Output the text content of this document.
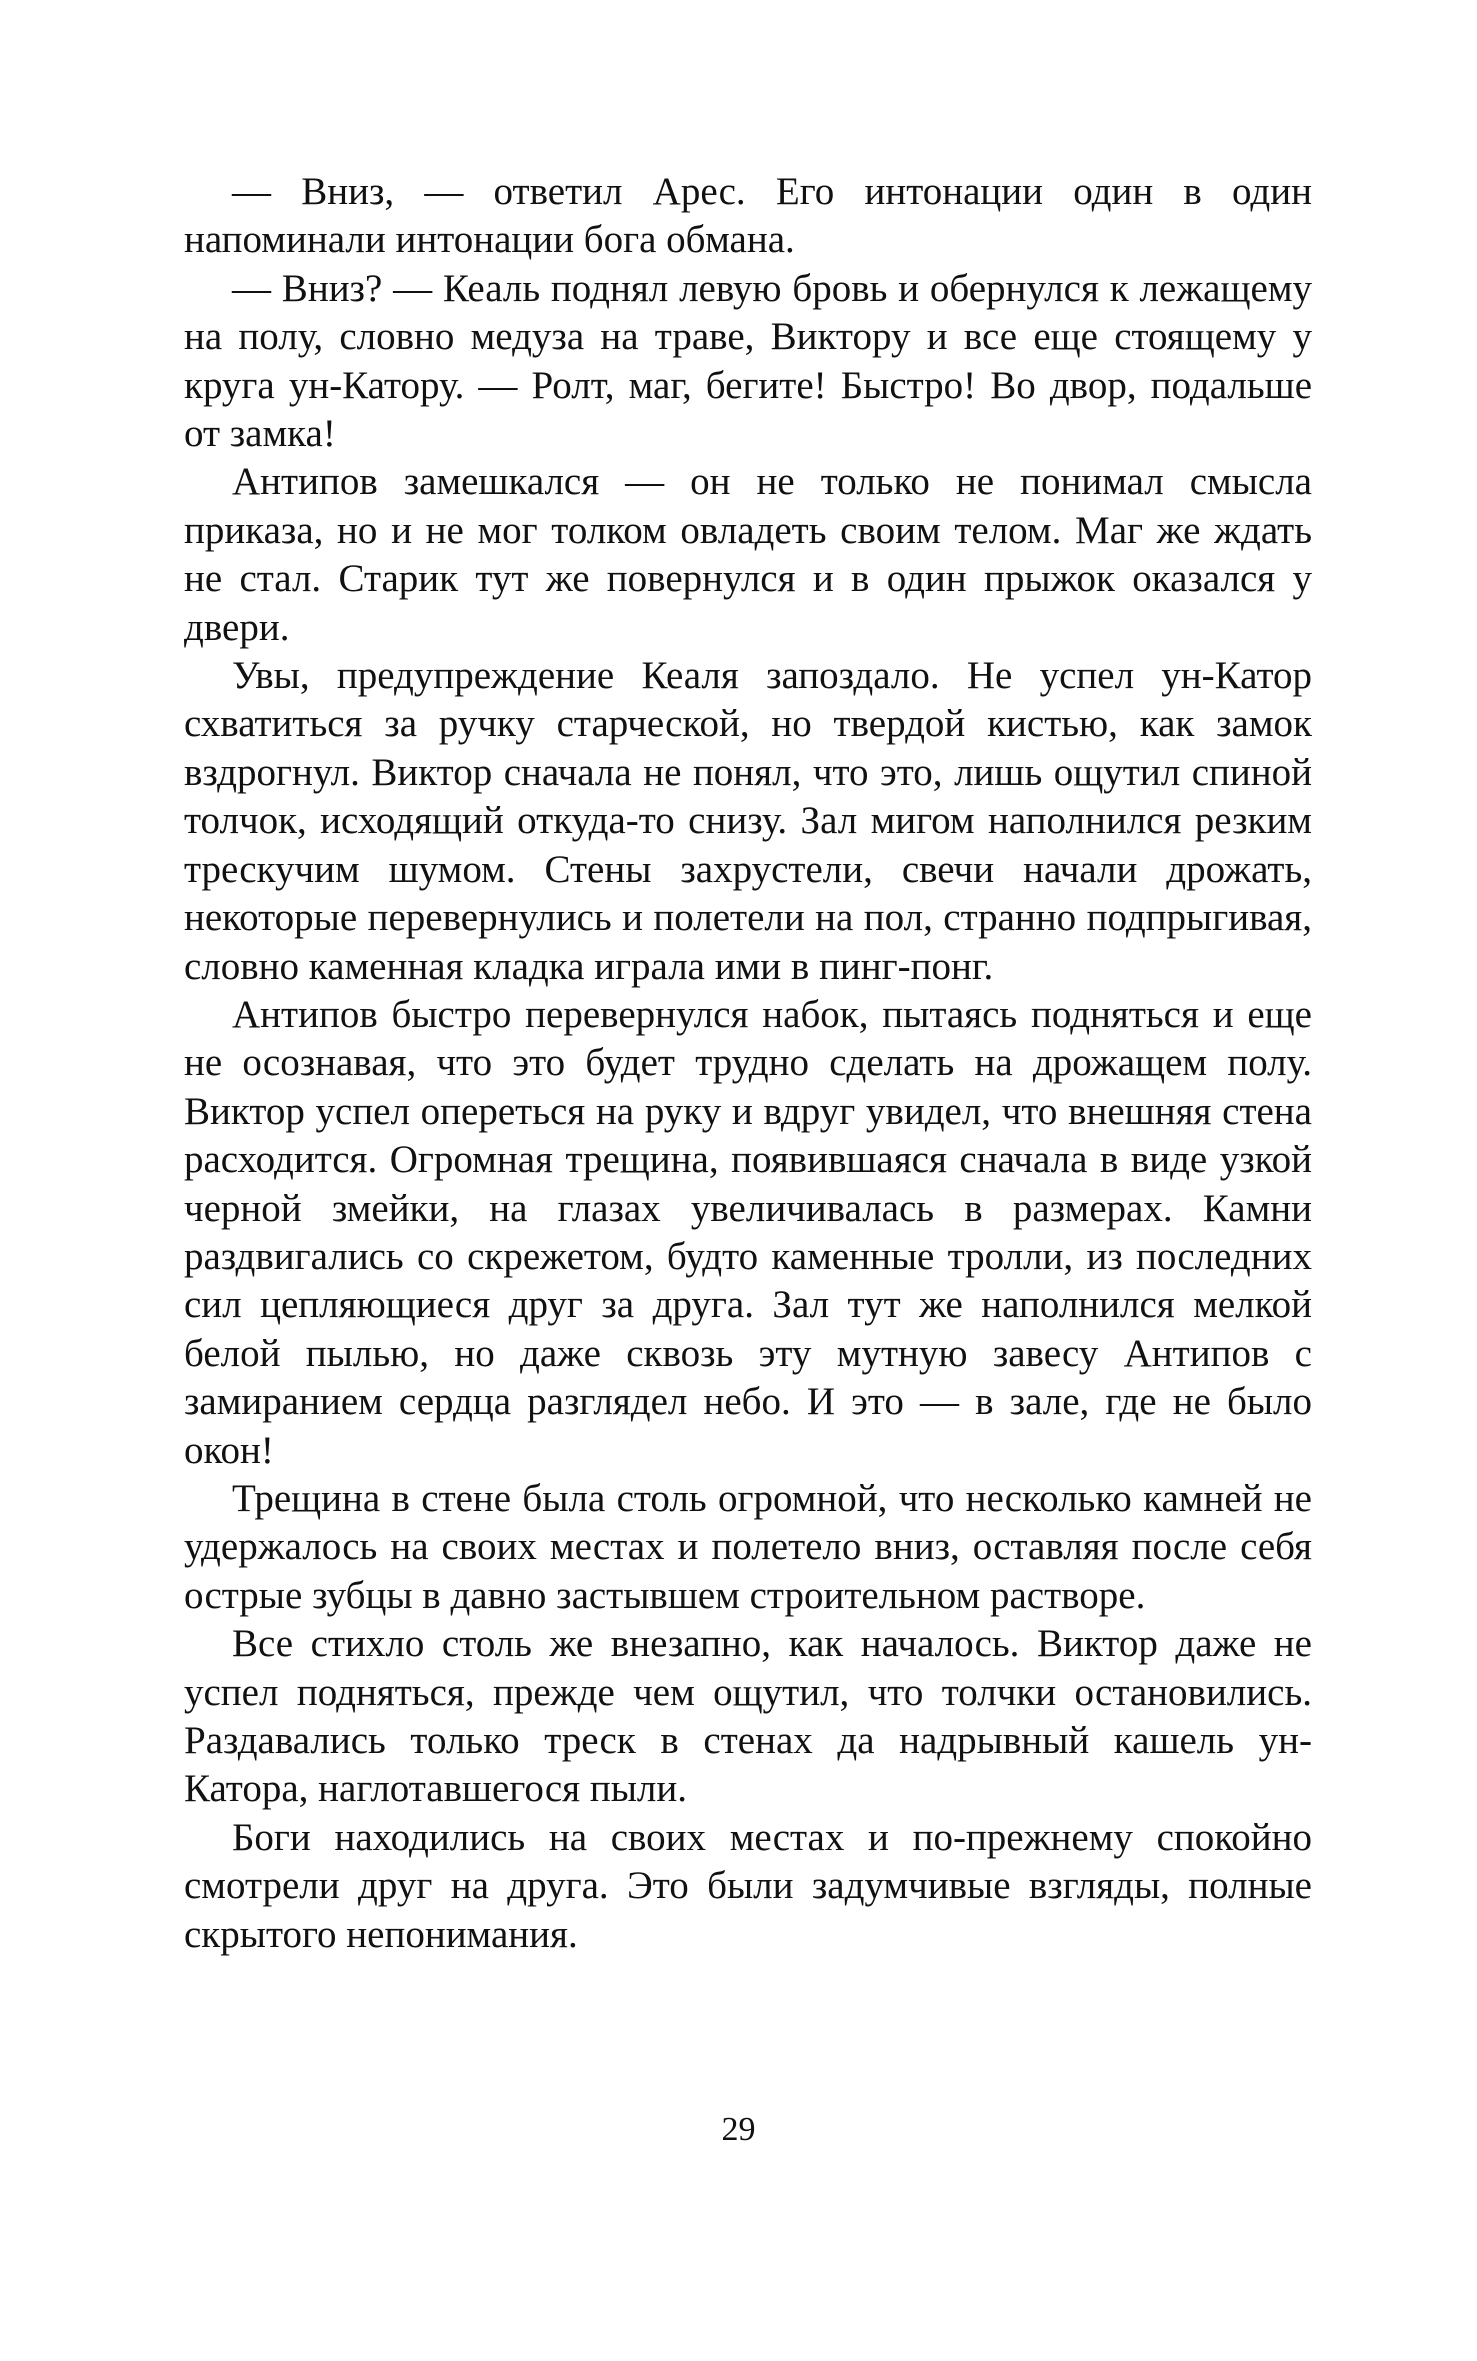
— Вниз, — ответил Арес. Его интонации один в один напоминали интонации бога обмана.

— Вниз? — Кеаль поднял левую бровь и обернулся к лежащему на полу, словно медуза на траве, Виктору и все еще стоящему у круга ун-Катору. — Ролт, маг, бегите! Быстро! Во двор, подальше от замка!

Антипов замешкался — он не только не понимал смысла приказа, но и не мог толком овладеть своим телом. Маг же ждать не стал. Старик тут же повернулся и в один прыжок оказался у двери.

Увы, предупреждение Кеаля запоздало. Не успел ун-Катор схватиться за ручку старческой, но твердой кистью, как замок вздрогнул. Виктор сначала не понял, что это, лишь ощутил спиной толчок, исходящий откуда-то снизу. Зал мигом наполнился резким трескучим шумом. Стены захрустели, свечи начали дрожать, некоторые перевернулись и полетели на пол, странно подпрыгивая, словно каменная кладка играла ими в пинг-понг.

Антипов быстро перевернулся набок, пытаясь подняться и еще не осознавая, что это будет трудно сделать на дрожащем полу. Виктор успел опереться на руку и вдруг увидел, что внешняя стена расходится. Огромная трещина, появившаяся сначала в виде узкой черной змейки, на глазах увеличивалась в размерах. Камни раздвигались со скрежетом, будто каменные тролли, из последних сил цепляющиеся друг за друга. Зал тут же наполнился мелкой белой пылью, но даже сквозь эту мутную завесу Антипов с замиранием сердца разглядел небо. И это — в зале, где не было окон!

Трещина в стене была столь огромной, что несколько камней не удержалось на своих местах и полетело вниз, оставляя после себя острые зубцы в давно застывшем строительном растворе.

Все стихло столь же внезапно, как началось. Виктор даже не успел подняться, прежде чем ощутил, что толчки остановились. Раздавались только треск в стенах да надрывный кашель ун-Катора, наглотавшегося пыли.

Боги находились на своих местах и по-прежнему спокойно смотрели друг на друга. Это были задумчивые взгляды, полные скрытого непонимания.

29
